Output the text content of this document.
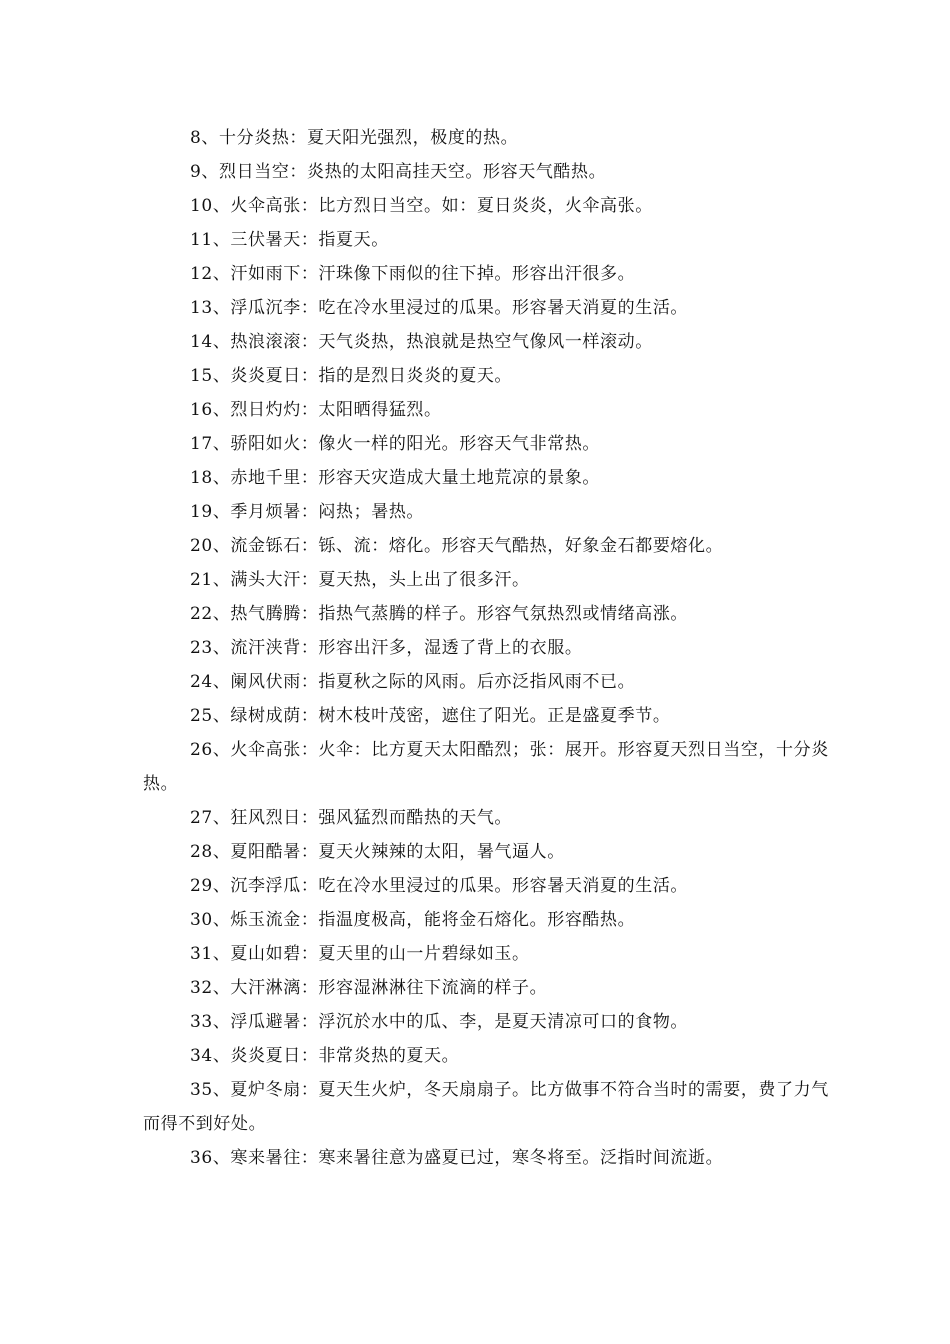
8、十分炎热：夏天阳光强烈，极度的热。

9、烈日当空：炎热的太阳高挂天空。形容天气酷热。

10、火伞高张：比方烈日当空。如：夏日炎炎，火伞高张。

11、三伏暑天：指夏天。

12、汗如雨下：汗珠像下雨似的往下掉。形容出汗很多。

13、浮瓜沉李：吃在冷水里浸过的瓜果。形容暑天消夏的生活。

14、热浪滚滚：天气炎热，热浪就是热空气像风一样滚动。

15、炎炎夏日：指的是烈日炎炎的夏天。

16、烈日灼灼：太阳晒得猛烈。

17、骄阳如火：像火一样的阳光。形容天气非常热。

18、赤地千里：形容天灾造成大量土地荒凉的景象。

19、季月烦暑：闷热；暑热。

20、流金铄石：铄、流：熔化。形容天气酷热，好象金石都要熔化。

21、满头大汗：夏天热，头上出了很多汗。

22、热气腾腾：指热气蒸腾的样子。形容气氛热烈或情绪高涨。

23、流汗浃背：形容出汗多，湿透了背上的衣服。

24、阑风伏雨：指夏秋之际的风雨。后亦泛指风雨不已。

25、绿树成荫：树木枝叶茂密，遮住了阳光。正是盛夏季节。

26、火伞高张：火伞：比方夏天太阳酷烈；张：展开。形容夏天烈日当空，十分炎热。

27、狂风烈日：强风猛烈而酷热的天气。

28、夏阳酷暑：夏天火辣辣的太阳，暑气逼人。

29、沉李浮瓜：吃在冷水里浸过的瓜果。形容暑天消夏的生活。

30、烁玉流金：指温度极高，能将金石熔化。形容酷热。

31、夏山如碧：夏天里的山一片碧绿如玉。

32、大汗淋漓：形容湿淋淋往下流滴的样子。

33、浮瓜避暑：浮沉於水中的瓜、李，是夏天清凉可口的食物。

34、炎炎夏日：非常炎热的夏天。

35、夏炉冬扇：夏天生火炉，冬天扇扇子。比方做事不符合当时的需要，费了力气而得不到好处。

36、寒来暑往：寒来暑往意为盛夏已过，寒冬将至。泛指时间流逝。
